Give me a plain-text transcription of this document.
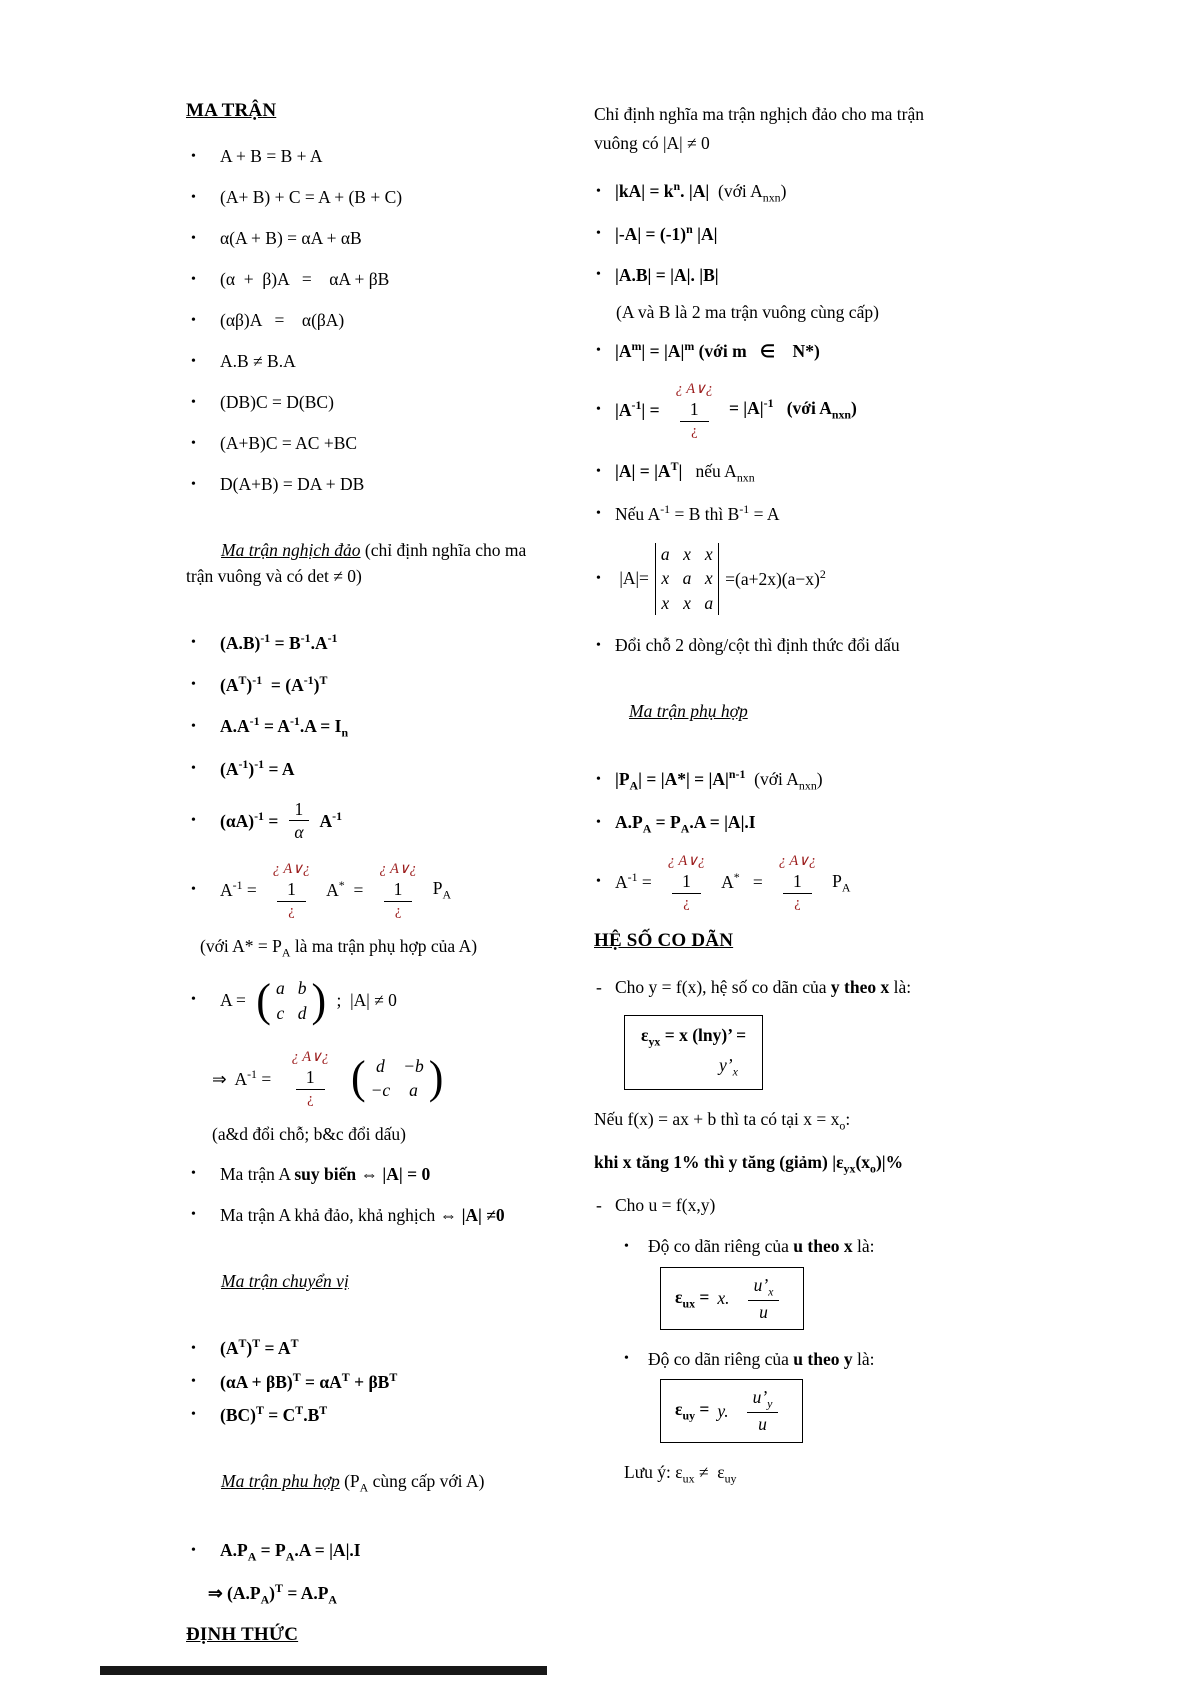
MA TRẬN
•	A + B = B + A
•	(A+ B) + C = A + (B + C)
•	α(A + B) = αA + αB
•	(α  +  β)A   =    αA + βB
•	(αβ)A   =    α(βA)
•	A.B ≠ B.A
•	(DB)C = D(BC)
•	(A+B)C = AC +BC
•	D(A+B) = DA + DB

Ma trận nghịch đảo (chỉ định nghĩa cho ma trận vuông và có det ≠ 0)

•	$(A.B)^{-1} = B^{-1}.A^{-1}$
•	$(A^T)^{-1} = (A^{-1})^T$
•	$A.A^{-1} = A^{-1}.A = I_n$
•	$(A^{-1})^{-1} = A$
•	$(\alpha A)^{-1} = \frac{1}{\alpha} A^{-1}$
•	$A^{-1}$ =
¿ A∨¿
1
¿
A*  =
¿ A∨¿
1
¿
$P_A$
(với $A* = P_A$ là ma trận phụ hợp của A)
•	A = ( a b
c d ) ;  |A| ≠ 0
⇒  $A^{-1}$ =
¿ A∨¿
1
¿ ( d −b
−c a )
(a&d đổi chỗ; b&c đổi dấu)
•	Ma trận A suy biến ⇔ |A| = 0
•	Ma trận A khả đảo, khả nghịch ⇔ |A| ≠0

Ma trận chuyển vị

•	$(A^T)^T = A^T$
•	$(\alpha A + \beta B)^T = \alpha A^T + \beta B^T$
•	$(BC)^T = C^T.B^T$

Ma trận phu hợp ($P_A$ cùng cấp với A)

•	$A.P_A = P_A.A = |A|.I$
⇒ $(A.P_A)^T = A.P_A$
ĐỊNH THỨC

Chỉ định nghĩa ma trận nghịch đảo cho ma trận vuông có |A| ≠ 0

• $|kA| = k^n$. |A|  (với $A_{nxn}$)
• $|-A| = (-1)^n$ |A|
• |A.B| = |A|. |B|
(A và B là 2 ma trận vuông cùng cấp)
• $|A^m| = |A|^m$ (với m   ∈    N*)
• $|A^{-1}|$ =
¿ A∨¿
1
¿
= $|A|^{-1}$   (với $A_{nxn}$)
• $|A| = |A^T|$   nếu $A_{nxn}$
• Nếu $A^{-1} = B$ thì $B^{-1} = A$
• |A|=
a x x
x a x
x x a
$=(a+2x)(a-x)^2$
• Đổi chỗ 2 dòng/cột thì định thức đổi dấu

Ma trận phụ hợp

• $|P_A| = |A*| = |A|^{n-1}$  (với $A_{nxn}$)
• $A.P_A = P_A.A = |A|.I$
• $A^{-1}$ =
¿ A∨¿
1
¿
A*   =
¿ A∨¿
1
¿
$P_A$
HỆ SỐ CO DÃN
- Cho y = f(x), hệ số co dãn của y theo x là:
$\varepsilon_{yx} = x$ (lny)’ =
$y’_x$

Nếu f(x) = ax + b thì ta có tại $x = x_o$:

khi x tăng 1% thì y tăng (giảm) $|\varepsilon_{yx}(x_o)|\%$

- Cho u = f(x,y)
•	Độ co dãn riêng của u theo x là:
$\varepsilon_{ux} = x$. $\frac{u’_x}{u}$
•	Độ co dãn riêng của u theo y là:
$\varepsilon_{uy} = y$. $\frac{u’_y}{u}$

Lưu ý: $\varepsilon_{ux} \ne \varepsilon_{uy}$
